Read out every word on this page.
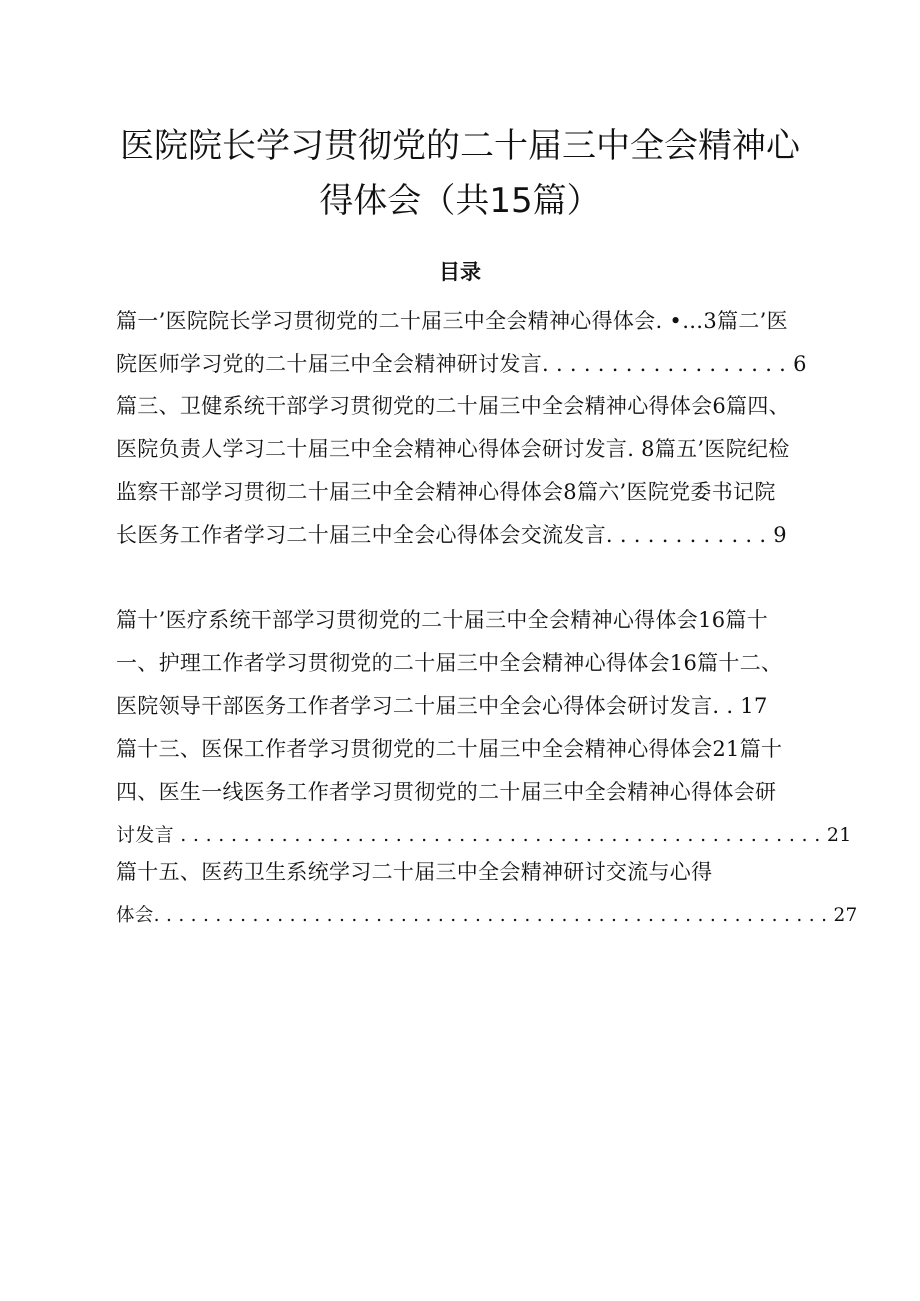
医院院长学习贯彻党的二十届三中全会精神心
得体会（共15篇）
目录
篇一’医院院长学习贯彻党的二十届三中全会精神心得体会. •…3篇二’医
院医师学习党的二十届三中全会精神研讨发言. . . . . . . . . . . . . . . . . . 6
篇三、卫健系统干部学习贯彻党的二十届三中全会精神心得体会6篇四、
医院负责人学习二十届三中全会精神心得体会研讨发言. 8篇五’医院纪检
监察干部学习贯彻二十届三中全会精神心得体会8篇六’医院党委书记院
长医务工作者学习二十届三中全会心得体会交流发言. . . . . . . . . . . . 9
篇十’医疗系统干部学习贯彻党的二十届三中全会精神心得体会16篇十
一、护理工作者学习贯彻党的二十届三中全会精神心得体会16篇十二、
医院领导干部医务工作者学习二十届三中全会心得体会研讨发言. . 17
篇十三、医保工作者学习贯彻党的二十届三中全会精神心得体会21篇十
四、医生一线医务工作者学习贯彻党的二十届三中全会精神心得体会研
讨发言 . . . . . . . . . . . . . . . . . . . . . . . . . . . . . . . . . . . . . . . . . . . . . . . . . . . 21
篇十五、医药卫生系统学习二十届三中全会精神研讨交流与心得
体会. . . . . . . . . . . . . . . . . . . . . . . . . . . . . . . . . . . . . . . . . . . . . . . . . . . . . . . 27
